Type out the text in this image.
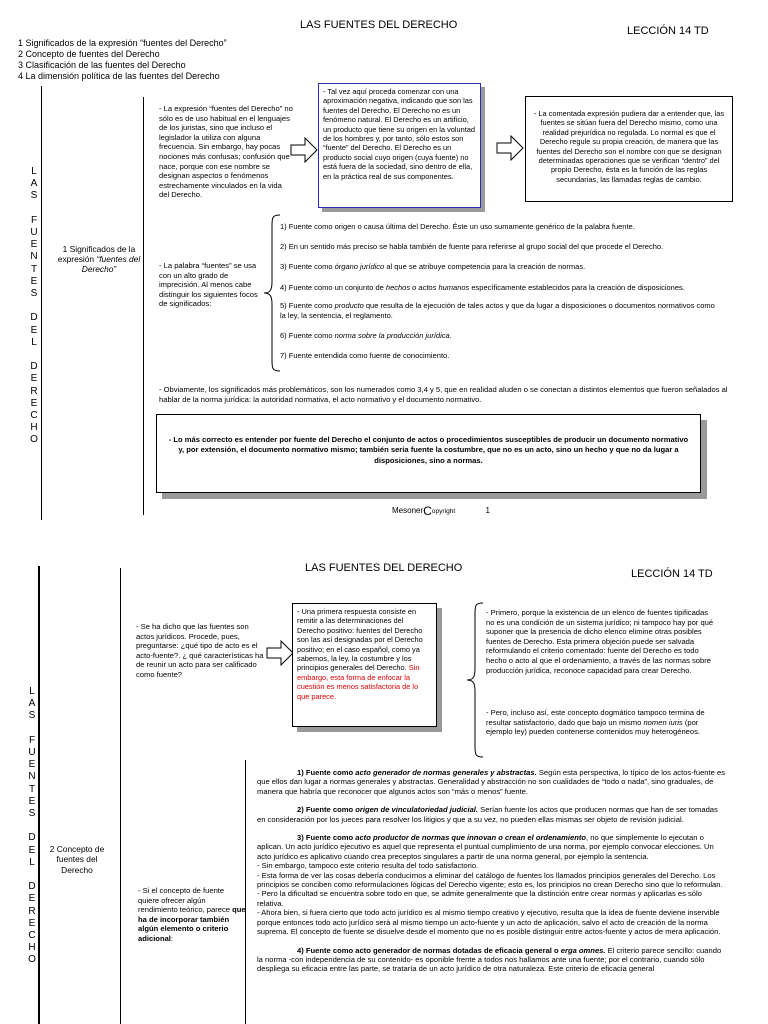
LAS FUENTES DEL DERECHO	LECCIÓN 14 TD
1 Significados de la expresión “fuentes del Derecho”
2 Concepto de fuentes del Derecho
3 Clasificación de las fuentes del Derecho
4 La dimensión política de las fuentes del Derecho
L
A
S
F
U
E
N
T
E
S
D
E
L
D
E
R
E
C
H
O
1 Significados de la expresión “fuentes del Derecho”
- La expresión “fuentes del Derecho” no sólo es de uso habitual en el lenguajes de los juristas, sino que incluso el legislador la utiliza con alguna frecuencia. Sin embargo, hay pocas nociones más confusas; confusión que nace, porque con ese nombre se designan aspectos o fenómenos estrechamente vinculados en la vida del Derecho.
- Tal vez aquí proceda comenzar con una aproximación negativa, indicando que son las fuentes del Derecho. El Derecho no es un fenómeno natural. El Derecho es un artificio, un producto que tiene su origen en la voluntad de los hombres y, por tanto, sólo estos son “fuente” del Derecho. El Derecho es un producto social cuyo origen (cuya fuente) no está fuera de la sociedad, sino dentro de ella, en la práctica real de sus componentes.
- La comentada expresión pudiera dar a entender que, las fuentes se sitúan fuera del Derecho mismo, como una realidad prejurídica no regulada. Lo normal es que el Derecho regule su propia creación, de manera que las fuentes del Derecho son el nombre con que se designan determinadas operaciones que se verifican “dentro” del propio Derecho, ésta es la función de las reglas secundarias, las llamadas reglas de cambio.
- La palabra “fuentes” se usa con un alto grado de imprecisión. Al menos cabe distinguir los siguientes focos de significados:
1) Fuente como origen o causa última del Derecho. Éste un uso sumamente genérico de la palabra fuente.
2) En un sentido más preciso se habla también de fuente para referirse al grupo social del que procede el Derecho.
3) Fuente como órgano jurídico al que se atribuye competencia para la creación de normas.
4) Fuente como un conjunto de hechos o actos humanos específicamente establecidos para la creación de disposiciones.
5) Fuente como producto que resulta de la ejecución de tales actos y que da lugar a disposiciones o documentos normativos como la ley, la sentencia, el reglamento.
6) Fuente como norma sobre la producción jurídica.
7) Fuente entendida como fuente de conocimiento.
- Obviamente, los significados más problemáticos, son los numerados como 3,4 y 5, que en realidad aluden o se conectan a distintos elementos que fueron señalados al hablar de la norma jurídica: la autoridad normativa, el acto normativo y el documento normativo.
- Lo más correcto es entender por fuente del Derecho el conjunto de actos o procedimientos susceptibles de producir un documento normativo y, por extensión, el documento normativo mismo; también sería fuente la costumbre, que no es un acto, sino un hecho y que no da lugar a disposiciones, sino a normas.
MesonerCopyright	1
LAS FUENTES DEL DERECHO	LECCIÓN 14 TD
L
A
S
F
U
E
N
T
E
S
D
E
L
D
E
R
E
C
H
O
2 Concepto de fuentes del Derecho
- Se ha dicho que las fuentes son actos jurídicos. Procede, pues, preguntarse: ¿qué tipo de acto es el acto-fuente?. ¿ qué características ha de reunir un acto para ser calificado como fuente?
- Una primera respuesta consiste en remitir a las determinaciones del Derecho positivo: fuentes del Derecho son las así designadas por el Derecho positivo; en el caso español, como ya sabemos, la ley, la costumbre y los principios generales del Derecho. Sin embargo, esta forma de enfocar la cuestión es menos satisfactoria de lo que parece.
- Primero, porque la existencia de un elenco de fuentes tipificadas no es una condición de un sistema jurídico; ni tampoco hay por qué suponer que la presencia de dicho elenco elimine otras posibles fuentes de Derecho. Esta primera objeción puede ser salvada reformulando el criterio comentado: fuente del Derecho es todo hecho o acto al que el ordenamiento, a través de las normas sobre producción jurídica, reconoce capacidad para crear Derecho.
- Pero, incluso así, este concepto dogmático tampoco termina de resultar satisfactorio, dado que bajo un mismo nomen iuris (por ejemplo ley) pueden contenerse contenidos muy heterogéneos.
- Si el concepto de fuente quiere ofrecer algún rendimiento teórico, parece que ha de incorporar también algún elemento o criterio adicional:

1) Fuente como acto generador de normas generales y abstractas. Según esta perspectiva, lo típico de los actos-fuente es que ellos dan lugar a normas generales y abstractas. Generalidad y abstracción no son cualidades de “todo o nada”, sino graduales, de manera que habría que reconocer que algunos actos son “más o menos” fuente.

2) Fuente como origen de vinculatoriedad judicial. Serían fuente los actos que producen normas que han de ser tomadas en consideración por los jueces para resolver los litigios y que a su vez, no pueden ellas mismas ser objeto de revisión judicial.

3) Fuente como acto productor de normas que innovan o crean el ordenamiento, no que simplemente lo ejecutan o aplican. Un acto jurídico ejecutivo es aquel que representa el puntual cumplimiento de una norma, por ejemplo convocar elecciones. Un acto jurídico es aplicativo cuando crea preceptos singulares a partir de una norma general, por ejemplo la sentencia.

- Sin embargo, tampoco este criterio resulta del todo satisfactorio.
- Esta forma de ver las cosas debería conducirnos a eliminar del catálogo de fuentes los llamados principios generales del Derecho. Los principios se conciben como reformulaciones lógicas del Derecho vigente; esto es, los principios no crean Derecho sino que lo reformulan.
- Pero la dificultad se encuentra sobre todo en que, se admite generalmente que la distinción entre crear normas y aplicarlas es sólo relativa.
- Ahora bien, si fuera cierto que todo acto jurídico es al mismo tiempo creativo y ejecutivo, resulta que la idea de fuente deviene inservible porque entonces todo acto jurídico será al mismo tiempo un acto-fuente y un acto de aplicación, salvo el acto de creación de la norma suprema. El concepto de fuente se disuelve desde el momento que no es posible distinguir entre actos-fuente y actos de mera aplicación.

4) Fuente como acto generador de normas dotadas de eficacia general o erga omnes. El criterio parece sencillo: cuando la norma -con independencia de su contenido- es oponible frente a todos nos hallamos ante una fuente; por el contrario, cuando sólo despliega su eficacia entre las parte, se trataría de un acto jurídico de otra naturaleza. Este criterio de eficacia general
